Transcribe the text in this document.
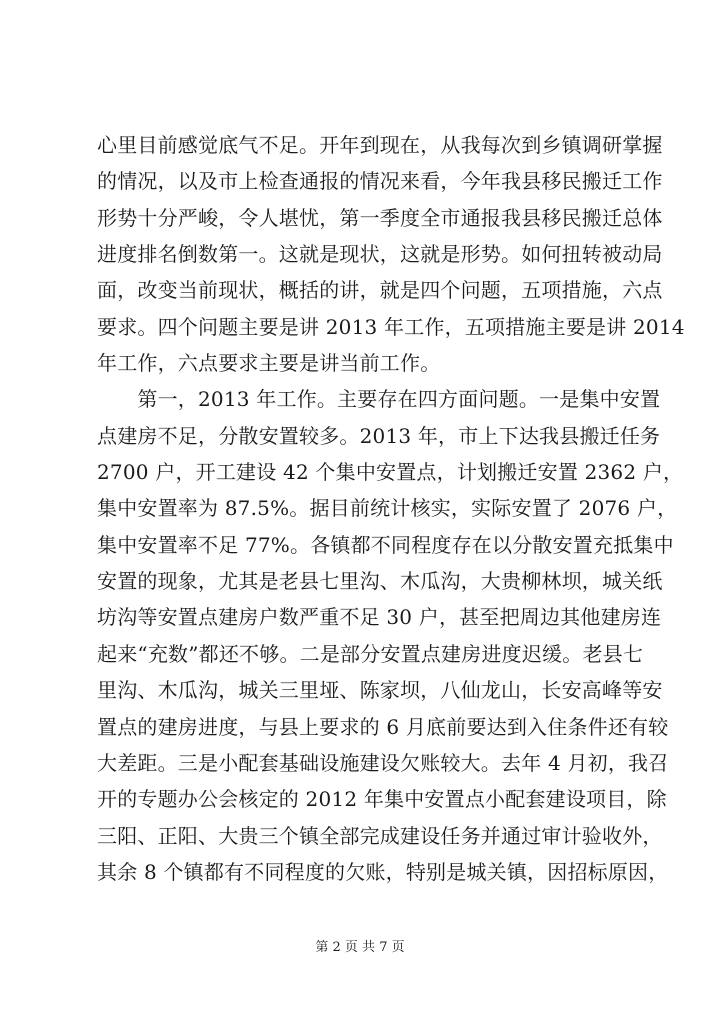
心里目前感觉底气不足。开年到现在，从我每次到乡镇调研掌握
的情况，以及市上检查通报的情况来看，今年我县移民搬迁工作
形势十分严峻，令人堪忧，第一季度全市通报我县移民搬迁总体
进度排名倒数第一。这就是现状，这就是形势。如何扭转被动局
面，改变当前现状，概括的讲，就是四个问题，五项措施，六点
要求。四个问题主要是讲 2013 年工作，五项措施主要是讲 2014
年工作，六点要求主要是讲当前工作。
　　第一，2013 年工作。主要存在四方面问题。一是集中安置
点建房不足，分散安置较多。2013 年，市上下达我县搬迁任务
2700 户，开工建设 42 个集中安置点，计划搬迁安置 2362 户，
集中安置率为 87.5%。据目前统计核实，实际安置了 2076 户，
集中安置率不足 77%。各镇都不同程度存在以分散安置充抵集中
安置的现象，尤其是老县七里沟、木瓜沟，大贵柳林坝，城关纸
坊沟等安置点建房户数严重不足 30 户，甚至把周边其他建房连
起来“充数”都还不够。二是部分安置点建房进度迟缓。老县七
里沟、木瓜沟，城关三里垭、陈家坝，八仙龙山，长安高峰等安
置点的建房进度，与县上要求的 6 月底前要达到入住条件还有较
大差距。三是小配套基础设施建设欠账较大。去年 4 月初，我召
开的专题办公会核定的 2012 年集中安置点小配套建设项目，除
三阳、正阳、大贵三个镇全部完成建设任务并通过审计验收外，
其余 8 个镇都有不同程度的欠账，特别是城关镇，因招标原因，
第 2 页 共 7 页
